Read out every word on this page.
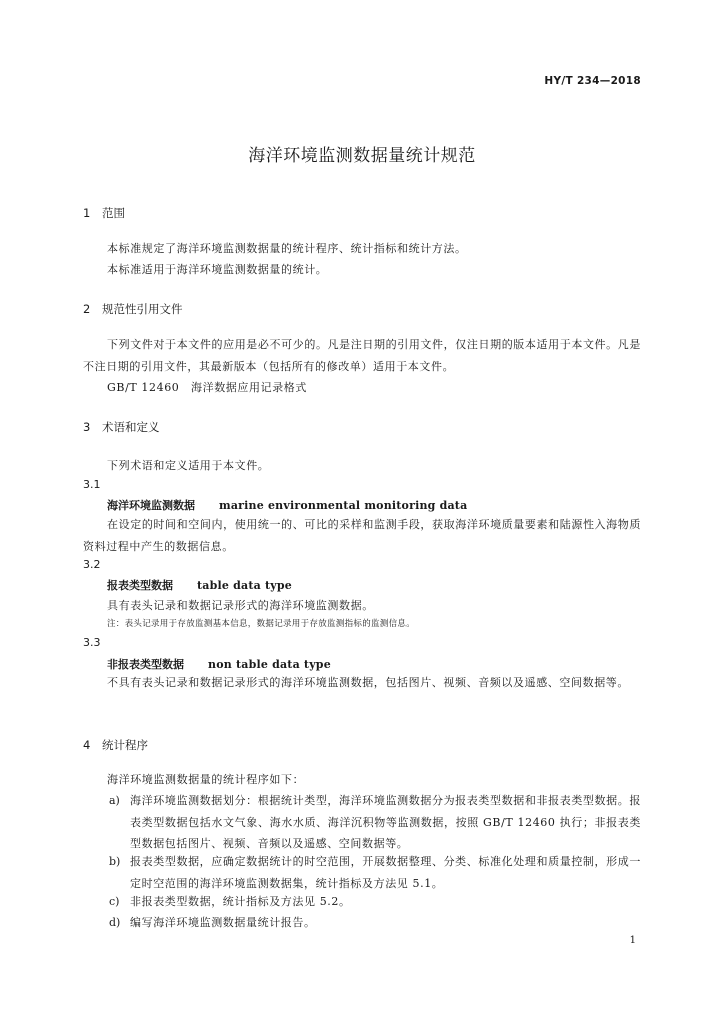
HY/T 234—2018
海洋环境监测数据量统计规范
1 范围
本标准规定了海洋环境监测数据量的统计程序、统计指标和统计方法。
本标准适用于海洋环境监测数据量的统计。
2 规范性引用文件
下列文件对于本文件的应用是必不可少的。凡是注日期的引用文件，仅注日期的版本适用于本文件。凡是不注日期的引用文件，其最新版本（包括所有的修改单）适用于本文件。
GB/T 12460　海洋数据应用记录格式
3 术语和定义
下列术语和定义适用于本文件。
3.1
海洋环境监测数据 marine environmental monitoring data
在设定的时间和空间内，使用统一的、可比的采样和监测手段，获取海洋环境质量要素和陆源性入海物质资料过程中产生的数据信息。
3.2
报表类型数据 table data type
具有表头记录和数据记录形式的海洋环境监测数据。
注：表头记录用于存放监测基本信息，数据记录用于存放监测指标的监测信息。
3.3
非报表类型数据 non table data type
不具有表头记录和数据记录形式的海洋环境监测数据，包括图片、视频、音频以及遥感、空间数据等。
4 统计程序
海洋环境监测数据量的统计程序如下：
a) 海洋环境监测数据划分：根据统计类型，海洋环境监测数据分为报表类型数据和非报表类型数据。报表类型数据包括水文气象、海水水质、海洋沉积物等监测数据，按照 GB/T 12460 执行；非报表类型数据包括图片、视频、音频以及遥感、空间数据等。
b) 报表类型数据，应确定数据统计的时空范围，开展数据整理、分类、标准化处理和质量控制，形成一定时空范围的海洋环境监测数据集，统计指标及方法见 5.1。
c) 非报表类型数据，统计指标及方法见 5.2。
d) 编写海洋环境监测数据量统计报告。
1
